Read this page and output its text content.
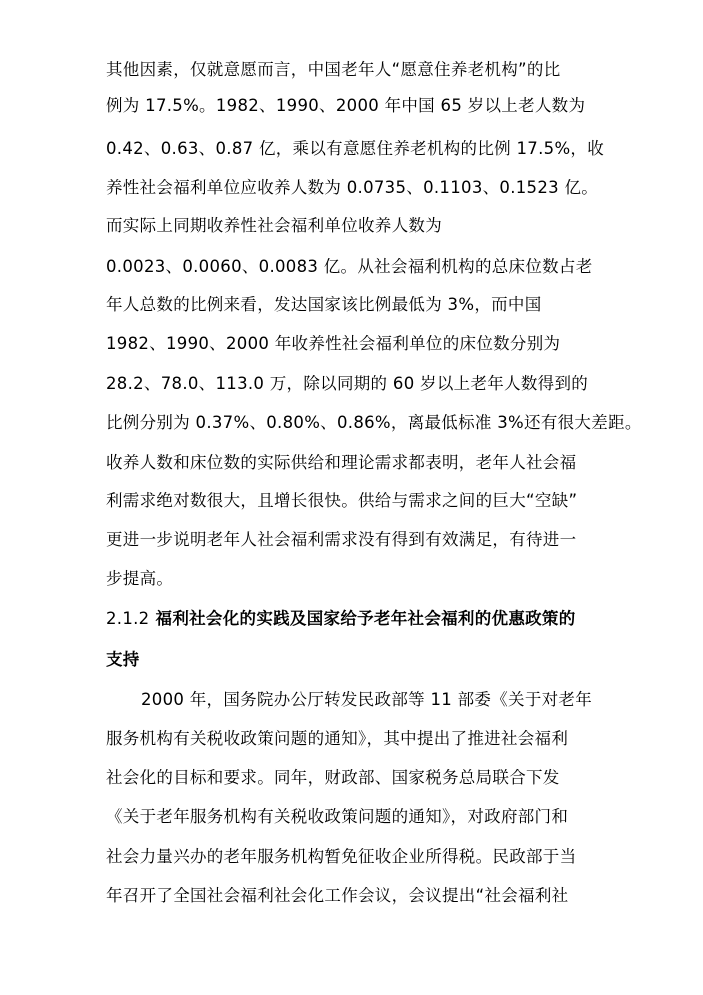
其他因素，仅就意愿而言，中国老年人“愿意住养老机构”的比
例为 17.5%。1982、1990、2000 年中国 65 岁以上老人数为
0.42、0.63、0.87 亿，乘以有意愿住养老机构的比例 17.5%，收
养性社会福利单位应收养人数为 0.0735、0.1103、0.1523 亿。
而实际上同期收养性社会福利单位收养人数为
0.0023、0.0060、0.0083 亿。从社会福利机构的总床位数占老
年人总数的比例来看，发达国家该比例最低为 3%，而中国
1982、1990、2000 年收养性社会福利单位的床位数分别为
28.2、78.0、113.0 万，除以同期的 60 岁以上老年人数得到的
比例分别为 0.37%、0.80%、0.86%，离最低标准 3%还有很大差距。
收养人数和床位数的实际供给和理论需求都表明，老年人社会福
利需求绝对数很大，且增长很快。供给与需求之间的巨大“空缺”
更进一步说明老年人社会福利需求没有得到有效满足，有待进一
步提高。
2.1.2 福利社会化的实践及国家给予老年社会福利的优惠政策的
支持
2000 年，国务院办公厅转发民政部等 11 部委《关于对老年
服务机构有关税收政策问题的通知》，其中提出了推进社会福利
社会化的目标和要求。同年，财政部、国家税务总局联合下发
《关于老年服务机构有关税收政策问题的通知》，对政府部门和
社会力量兴办的老年服务机构暂免征收企业所得税。民政部于当
年召开了全国社会福利社会化工作会议，会议提出“社会福利社
